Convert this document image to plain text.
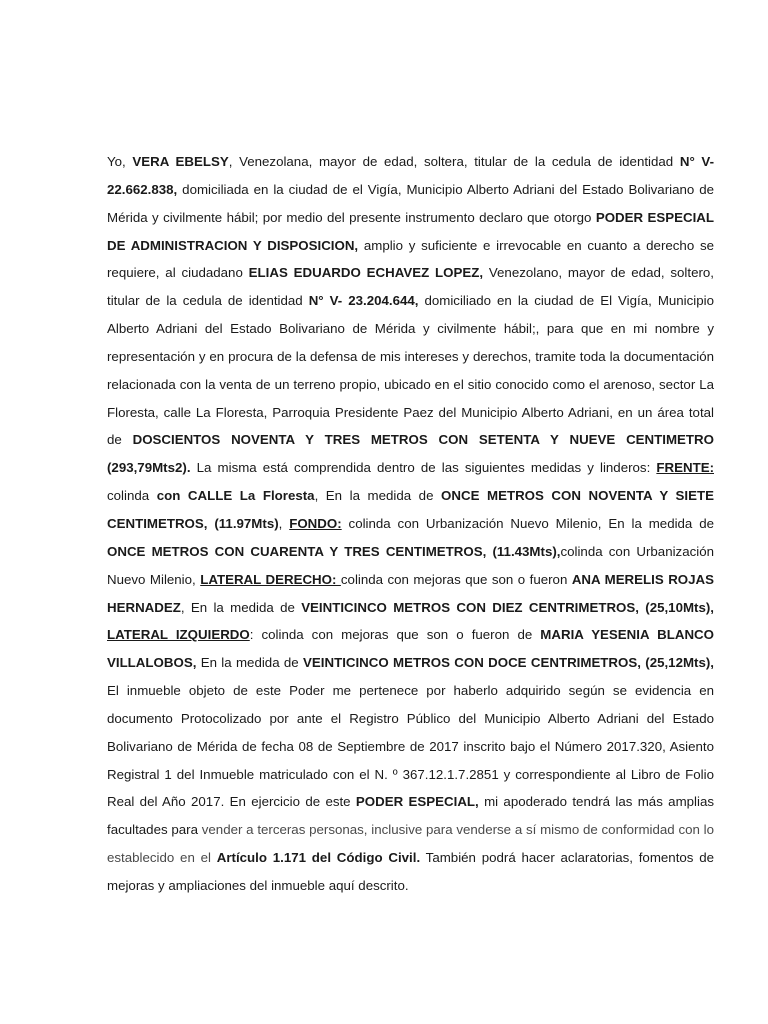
Yo, VERA EBELSY, Venezolana, mayor de edad, soltera, titular de la cedula de identidad N° V-22.662.838, domiciliada en la ciudad de el Vigía, Municipio Alberto Adriani del Estado Bolivariano de Mérida y civilmente hábil; por medio del presente instrumento declaro que otorgo PODER ESPECIAL DE ADMINISTRACION Y DISPOSICION, amplio y suficiente e irrevocable en cuanto a derecho se requiere, al ciudadano ELIAS EDUARDO ECHAVEZ LOPEZ, Venezolano, mayor de edad, soltero, titular de la cedula de identidad N° V- 23.204.644, domiciliado en la ciudad de El Vigía, Municipio Alberto Adriani del Estado Bolivariano de Mérida y civilmente hábil;, para que en mi nombre y representación y en procura de la defensa de mis intereses y derechos, tramite toda la documentación relacionada con la venta de un terreno propio, ubicado en el sitio conocido como el arenoso, sector La Floresta, calle La Floresta, Parroquia Presidente Paez del Municipio Alberto Adriani, en un área total de DOSCIENTOS NOVENTA Y TRES METROS CON SETENTA Y NUEVE CENTIMETRO (293,79Mts2). La misma está comprendida dentro de las siguientes medidas y linderos: FRENTE: colinda con CALLE La Floresta, En la medida de ONCE METROS CON NOVENTA Y SIETE CENTIMETROS, (11.97Mts), FONDO: colinda con Urbanización Nuevo Milenio, En la medida de ONCE METROS CON CUARENTA Y TRES CENTIMETROS, (11.43Mts),colinda con Urbanización Nuevo Milenio, LATERAL DERECHO: colinda con mejoras que son o fueron ANA MERELIS ROJAS HERNADEZ, En la medida de VEINTICINCO METROS CON DIEZ CENTRIMETROS, (25,10Mts), LATERAL IZQUIERDO: colinda con mejoras que son o fueron de MARIA YESENIA BLANCO VILLALOBOS, En la medida de VEINTICINCO METROS CON DOCE CENTRIMETROS, (25,12Mts), El inmueble objeto de este Poder me pertenece por haberlo adquirido según se evidencia en documento Protocolizado por ante el Registro Público del Municipio Alberto Adriani del Estado Bolivariano de Mérida de fecha 08 de Septiembre de 2017 inscrito bajo el Número 2017.320, Asiento Registral 1 del Inmueble matriculado con el N. º 367.12.1.7.2851 y correspondiente al Libro de Folio Real del Año 2017. En ejercicio de este PODER ESPECIAL, mi apoderado tendrá las más amplias facultades para vender a terceras personas, inclusive para venderse a sí mismo de conformidad con lo establecido en el Artículo 1.171 del Código Civil. También podrá hacer aclaratorias, fomentos de mejoras y ampliaciones del inmueble aquí descrito.
